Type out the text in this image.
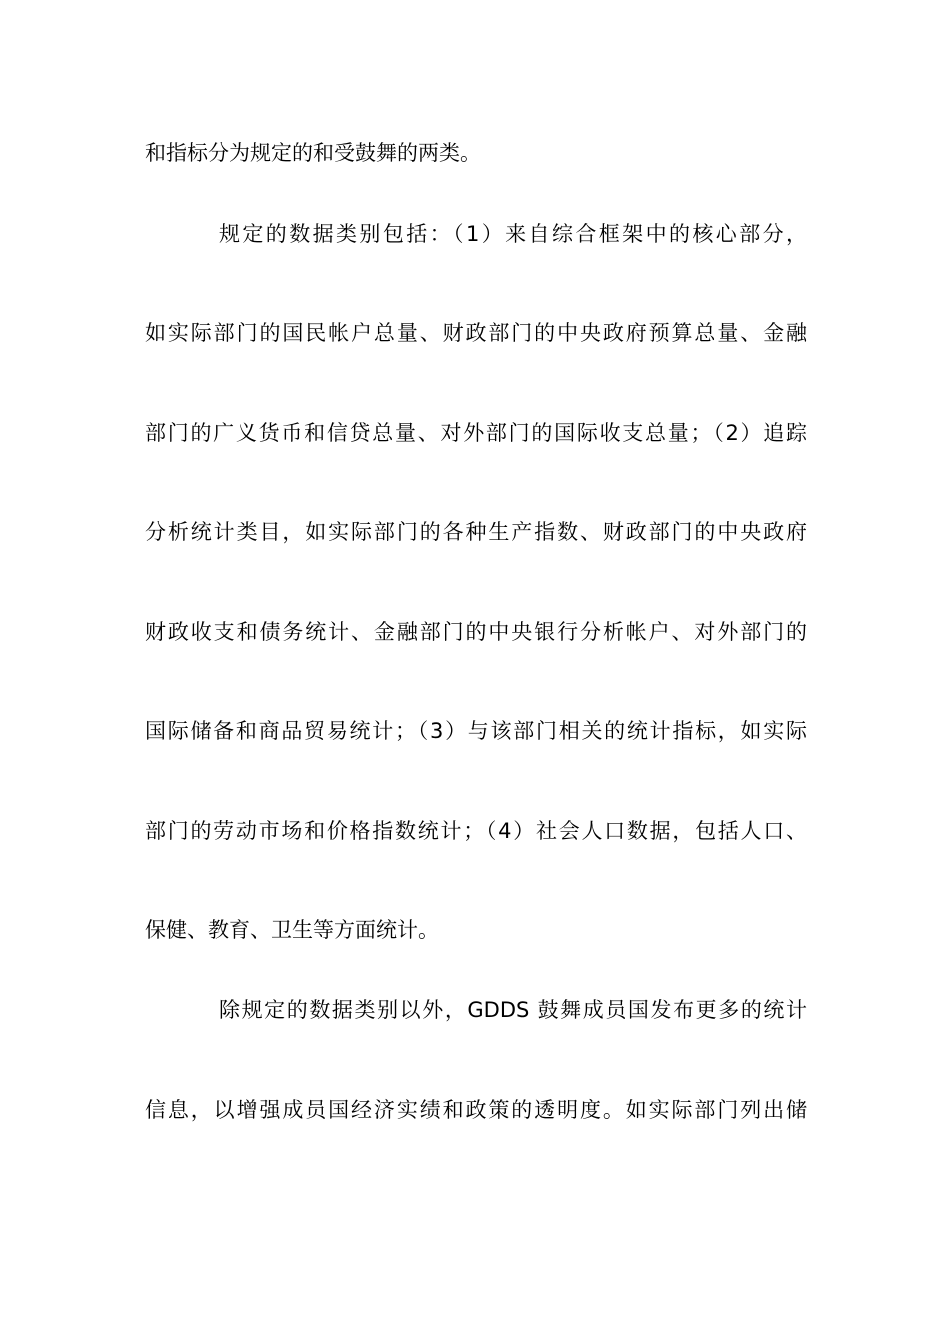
和指标分为规定的和受鼓舞的两类。
规定的数据类别包括：（1）来自综合框架中的核心部分，
如实际部门的国民帐户总量、财政部门的中央政府预算总量、金融
部门的广义货币和信贷总量、对外部门的国际收支总量；（2）追踪
分析统计类目，如实际部门的各种生产指数、财政部门的中央政府
财政收支和债务统计、金融部门的中央银行分析帐户、对外部门的
国际储备和商品贸易统计；（3）与该部门相关的统计指标，如实际
部门的劳动市场和价格指数统计；（4）社会人口数据，包括人口、
保健、教育、卫生等方面统计。
除规定的数据类别以外，GDDS 鼓舞成员国发布更多的统计
信息，以增强成员国经济实绩和政策的透明度。如实际部门列出储
